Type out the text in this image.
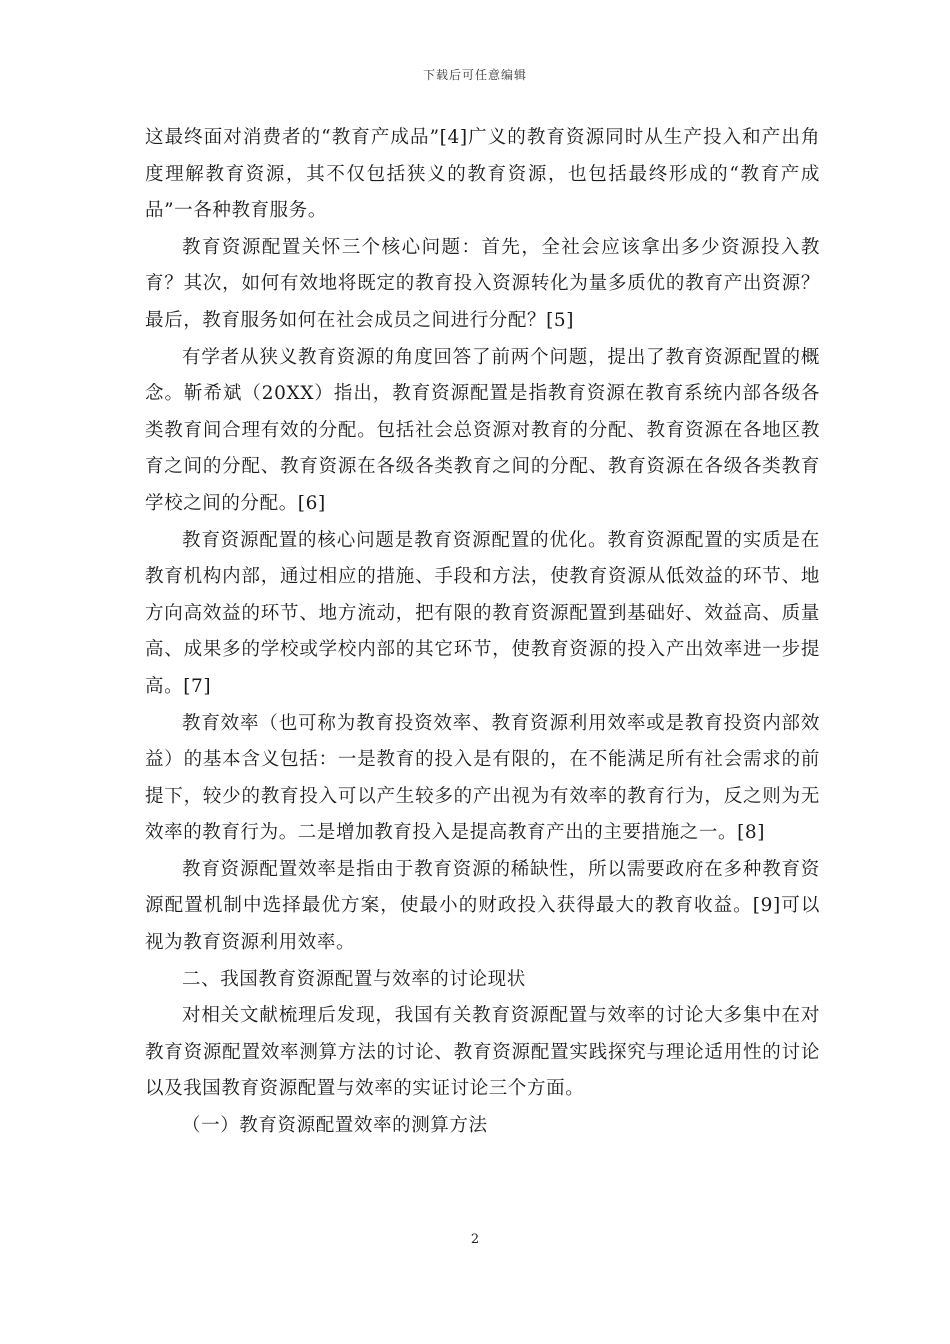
下载后可任意编辑

这最终面对消费者的“教育产成品”[4]广义的教育资源同时从生产投入和产出角度理解教育资源，其不仅包括狭义的教育资源，也包括最终形成的“教育产成品”一各种教育服务。

教育资源配置关怀三个核心问题：首先，全社会应该拿出多少资源投入教育？其次，如何有效地将既定的教育投入资源转化为量多质优的教育产出资源？最后，教育服务如何在社会成员之间进行分配？[5]

有学者从狭义教育资源的角度回答了前两个问题，提出了教育资源配置的概念。靳希斌（20XX）指出，教育资源配置是指教育资源在教育系统内部各级各类教育间合理有效的分配。包括社会总资源对教育的分配、教育资源在各地区教育之间的分配、教育资源在各级各类教育之间的分配、教育资源在各级各类教育学校之间的分配。[6]

教育资源配置的核心问题是教育资源配置的优化。教育资源配置的实质是在教育机构内部，通过相应的措施、手段和方法，使教育资源从低效益的环节、地方向高效益的环节、地方流动，把有限的教育资源配置到基础好、效益高、质量高、成果多的学校或学校内部的其它环节，使教育资源的投入产出效率进一步提高。[7]

教育效率（也可称为教育投资效率、教育资源利用效率或是教育投资内部效益）的基本含义包括：一是教育的投入是有限的，在不能满足所有社会需求的前提下，较少的教育投入可以产生较多的产出视为有效率的教育行为，反之则为无效率的教育行为。二是增加教育投入是提高教育产出的主要措施之一。[8]

教育资源配置效率是指由于教育资源的稀缺性，所以需要政府在多种教育资源配置机制中选择最优方案，使最小的财政投入获得最大的教育收益。[9]可以视为教育资源利用效率。

二、我国教育资源配置与效率的讨论现状

对相关文献梳理后发现，我国有关教育资源配置与效率的讨论大多集中在对教育资源配置效率测算方法的讨论、教育资源配置实践探究与理论适用性的讨论以及我国教育资源配置与效率的实证讨论三个方面。

（一）教育资源配置效率的测算方法

2
